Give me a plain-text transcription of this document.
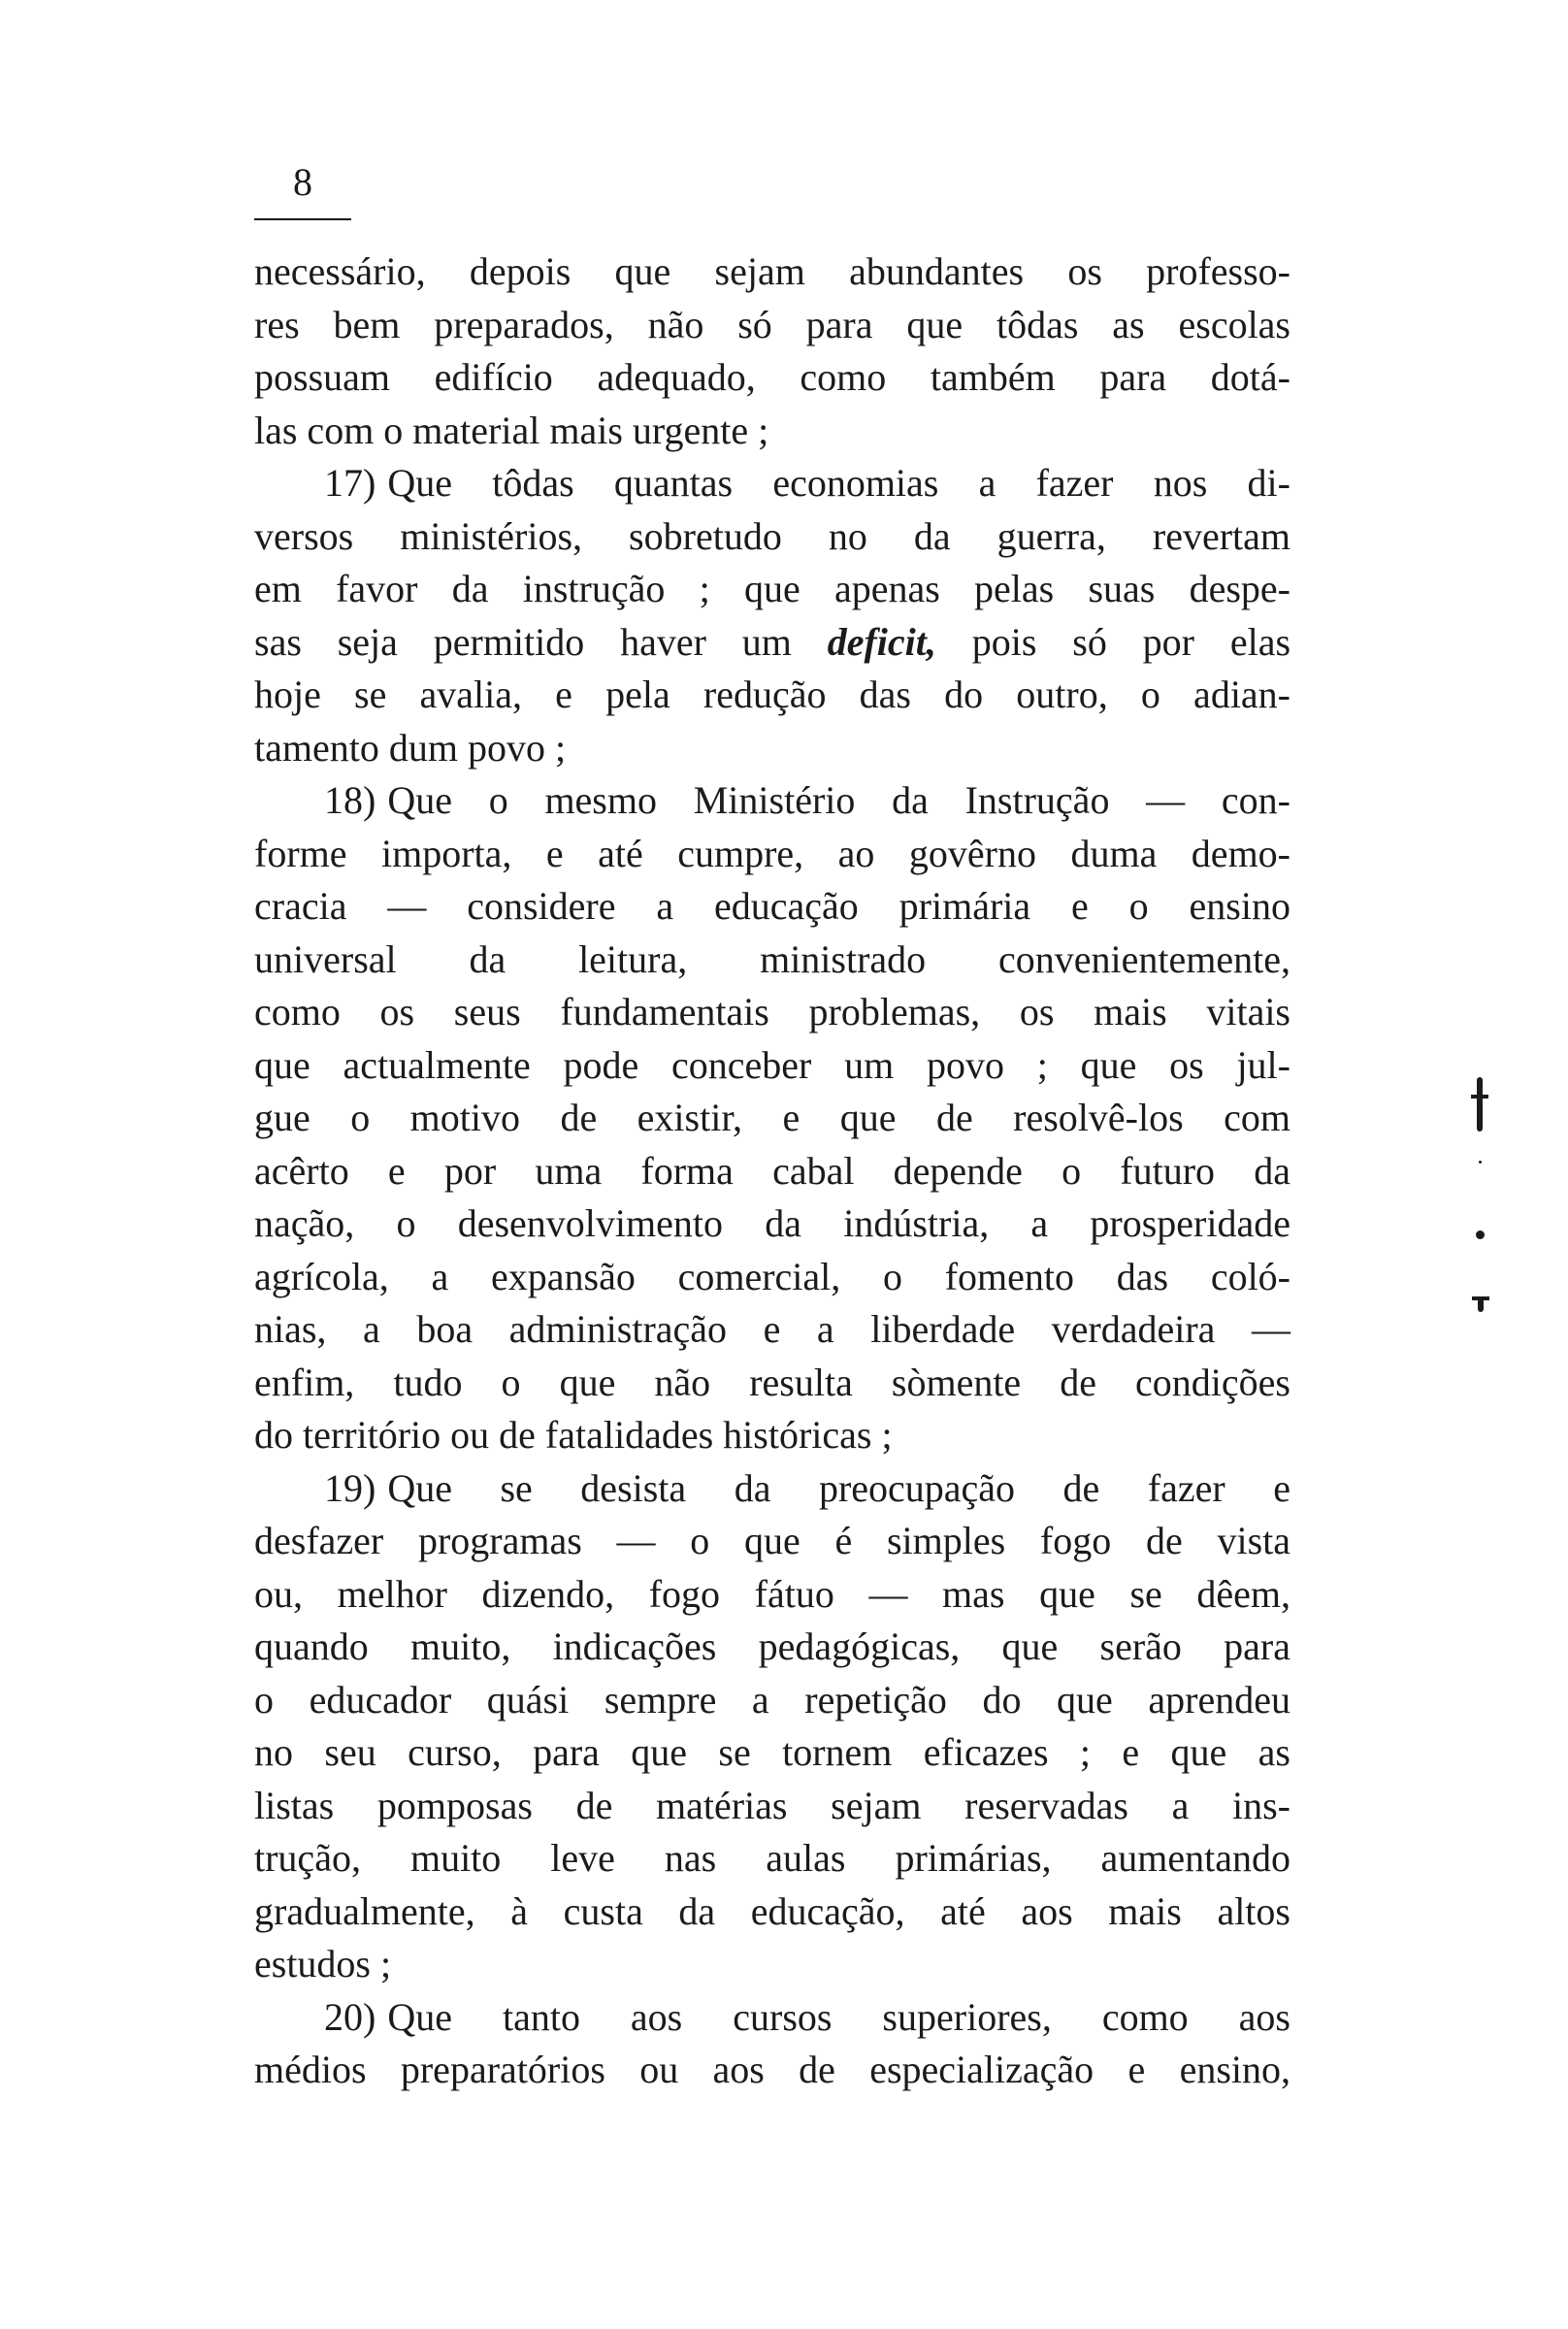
8
necessário, depois que sejam abundantes os professo-
res bem preparados, não só para que tôdas as escolas
possuam edifício adequado, como também para dotá-
las com o material mais urgente ;
17) Que tôdas quantas economias a fazer nos di-
versos ministérios, sobretudo no da guerra, revertam
em favor da instrução ; que apenas pelas suas despe-
sas seja permitido haver um deficit, pois só por elas
hoje se avalia, e pela redução das do outro, o adian-
tamento dum povo ;
18) Que o mesmo Ministério da Instrução — con-
forme importa, e até cumpre, ao govêrno duma demo-
cracia — considere a educação primária e o ensino
universal da leitura, ministrado convenientemente,
como os seus fundamentais problemas, os mais vitais
que actualmente pode conceber um povo ; que os jul-
gue o motivo de existir, e que de resolvê-los com
acêrto e por uma forma cabal depende o futuro da
nação, o desenvolvimento da indústria, a prosperidade
agrícola, a expansão comercial, o fomento das coló-
nias, a boa administração e a liberdade verdadeira —
enfim, tudo o que não resulta sòmente de condições
do território ou de fatalidades históricas ;
19) Que se desista da preocupação de fazer e
desfazer programas — o que é simples fogo de vista
ou, melhor dizendo, fogo fátuo — mas que se dêem,
quando muito, indicações pedagógicas, que serão para
o educador quási sempre a repetição do que aprendeu
no seu curso, para que se tornem eficazes ; e que as
listas pomposas de matérias sejam reservadas a ins-
trução, muito leve nas aulas primárias, aumentando
gradualmente, à custa da educação, até aos mais altos
estudos ;
20) Que tanto aos cursos superiores, como aos
médios preparatórios ou aos de especialização e ensino,
